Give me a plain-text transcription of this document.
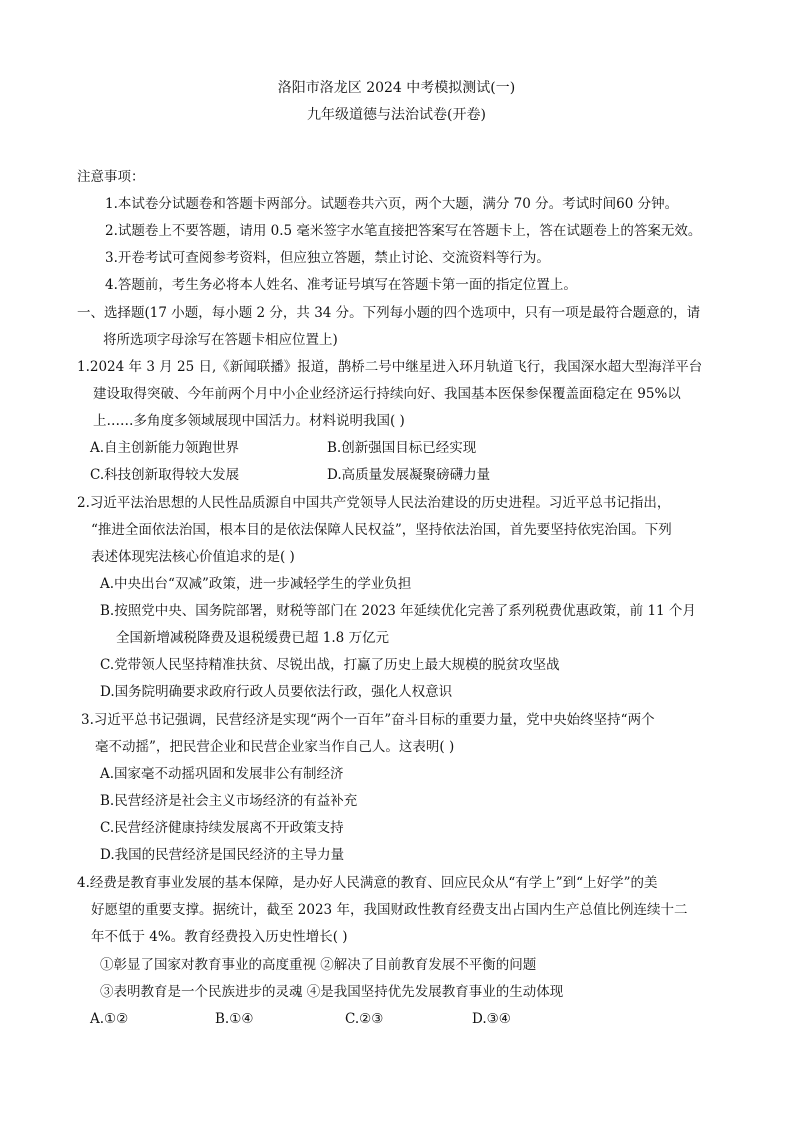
洛阳市洛龙区 2024 中考模拟测试(一)
九年级道德与法治试卷(开卷)
注意事项：
1.本试卷分试题卷和答题卡两部分。试题卷共六页，两个大题，满分 70 分。考试时间60 分钟。
2.试题卷上不要答题，请用 0.5 毫米签字水笔直接把答案写在答题卡上，答在试题卷上的答案无效。
3.开卷考试可查阅参考资料，但应独立答题，禁止讨论、交流资料等行为。
4.答题前，考生务必将本人姓名、准考证号填写在答题卡第一面的指定位置上。
一、选择题(17 小题，每小题 2 分，共 34 分。下列每小题的四个选项中，只有一项是最符合题意的，请
将所选项字母涂写在答题卡相应位置上)
1.2024 年 3 月 25 日,《新闻联播》报道，鹊桥二号中继星进入环月轨道飞行，我国深水超大型海洋平台
建设取得突破、今年前两个月中小企业经济运行持续向好、我国基本医保参保覆盖面稳定在 95%以
上……多角度多领域展现中国活力。材料说明我国( )
A.自主创新能力领跑世界	B.创新强国目标已经实现
C.科技创新取得较大发展	D.高质量发展凝聚磅礴力量
2.习近平法治思想的人民性品质源自中国共产党领导人民法治建设的历史进程。习近平总书记指出，
“推进全面依法治国，根本目的是依法保障人民权益”，坚持依法治国，首先要坚持依宪治国。下列
表述体现宪法核心价值追求的是( )
A.中央出台“双减”政策，进一步减轻学生的学业负担
B.按照党中央、国务院部署，财税等部门在 2023 年延续优化完善了系列税费优惠政策，前 11 个月
全国新增减税降费及退税缓费已超 1.8 万亿元
C.党带领人民坚持精准扶贫、尽锐出战，打赢了历史上最大规模的脱贫攻坚战
D.国务院明确要求政府行政人员要依法行政，强化人权意识
3.习近平总书记强调，民营经济是实现“两个一百年”奋斗目标的重要力量，党中央始终坚持“两个
毫不动摇”，把民营企业和民营企业家当作自己人。这表明( )
A.国家毫不动摇巩固和发展非公有制经济
B.民营经济是社会主义市场经济的有益补充
C.民营经济健康持续发展离不开政策支持
D.我国的民营经济是国民经济的主导力量
4.经费是教育事业发展的基本保障，是办好人民满意的教育、回应民众从“有学上”到“上好学”的美
好愿望的重要支撑。据统计，截至 2023 年，我国财政性教育经费支出占国内生产总值比例连续十二
年不低于 4%。教育经费投入历史性增长( )
①彰显了国家对教育事业的高度重视 ②解决了目前教育发展不平衡的问题
③表明教育是一个民族进步的灵魂 ④是我国坚持优先发展教育事业的生动体现
A.①②	B.①④	C.②③	D.③④
